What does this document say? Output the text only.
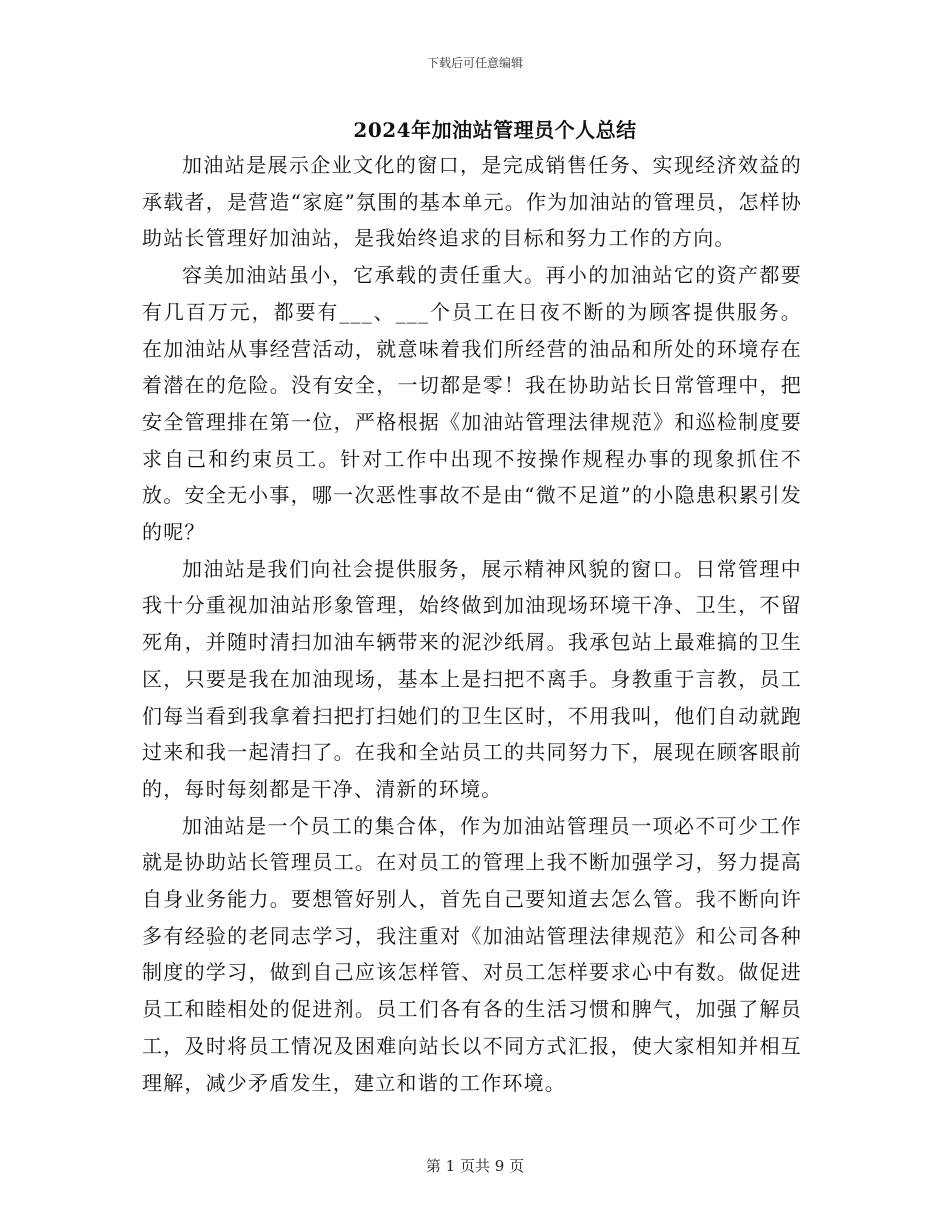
下载后可任意编辑
2024年加油站管理员个人总结

加油站是展示企业文化的窗口，是完成销售任务、实现经济效益的承载者，是营造“家庭”氛围的基本单元。作为加油站的管理员，怎样协助站长管理好加油站，是我始终追求的目标和努力工作的方向。

容美加油站虽小，它承载的责任重大。再小的加油站它的资产都要有几百万元，都要有___、___个员工在日夜不断的为顾客提供服务。在加油站从事经营活动，就意味着我们所经营的油品和所处的环境存在着潜在的危险。没有安全，一切都是零！我在协助站长日常管理中，把安全管理排在第一位，严格根据《加油站管理法律规范》和巡检制度要求自己和约束员工。针对工作中出现不按操作规程办事的现象抓住不放。安全无小事，哪一次恶性事故不是由“微不足道”的小隐患积累引发的呢？

加油站是我们向社会提供服务，展示精神风貌的窗口。日常管理中我十分重视加油站形象管理，始终做到加油现场环境干净、卫生，不留死角，并随时清扫加油车辆带来的泥沙纸屑。我承包站上最难搞的卫生区，只要是我在加油现场，基本上是扫把不离手。身教重于言教，员工们每当看到我拿着扫把打扫她们的卫生区时，不用我叫，他们自动就跑过来和我一起清扫了。在我和全站员工的共同努力下，展现在顾客眼前的，每时每刻都是干净、清新的环境。

加油站是一个员工的集合体，作为加油站管理员一项必不可少工作就是协助站长管理员工。在对员工的管理上我不断加强学习，努力提高自身业务能力。要想管好别人，首先自己要知道去怎么管。我不断向许多有经验的老同志学习，我注重对《加油站管理法律规范》和公司各种制度的学习，做到自己应该怎样管、对员工怎样要求心中有数。做促进员工和睦相处的促进剂。员工们各有各的生活习惯和脾气，加强了解员工，及时将员工情况及困难向站长以不同方式汇报，使大家相知并相互理解，减少矛盾发生，建立和谐的工作环境。

第 1 页共 9 页
